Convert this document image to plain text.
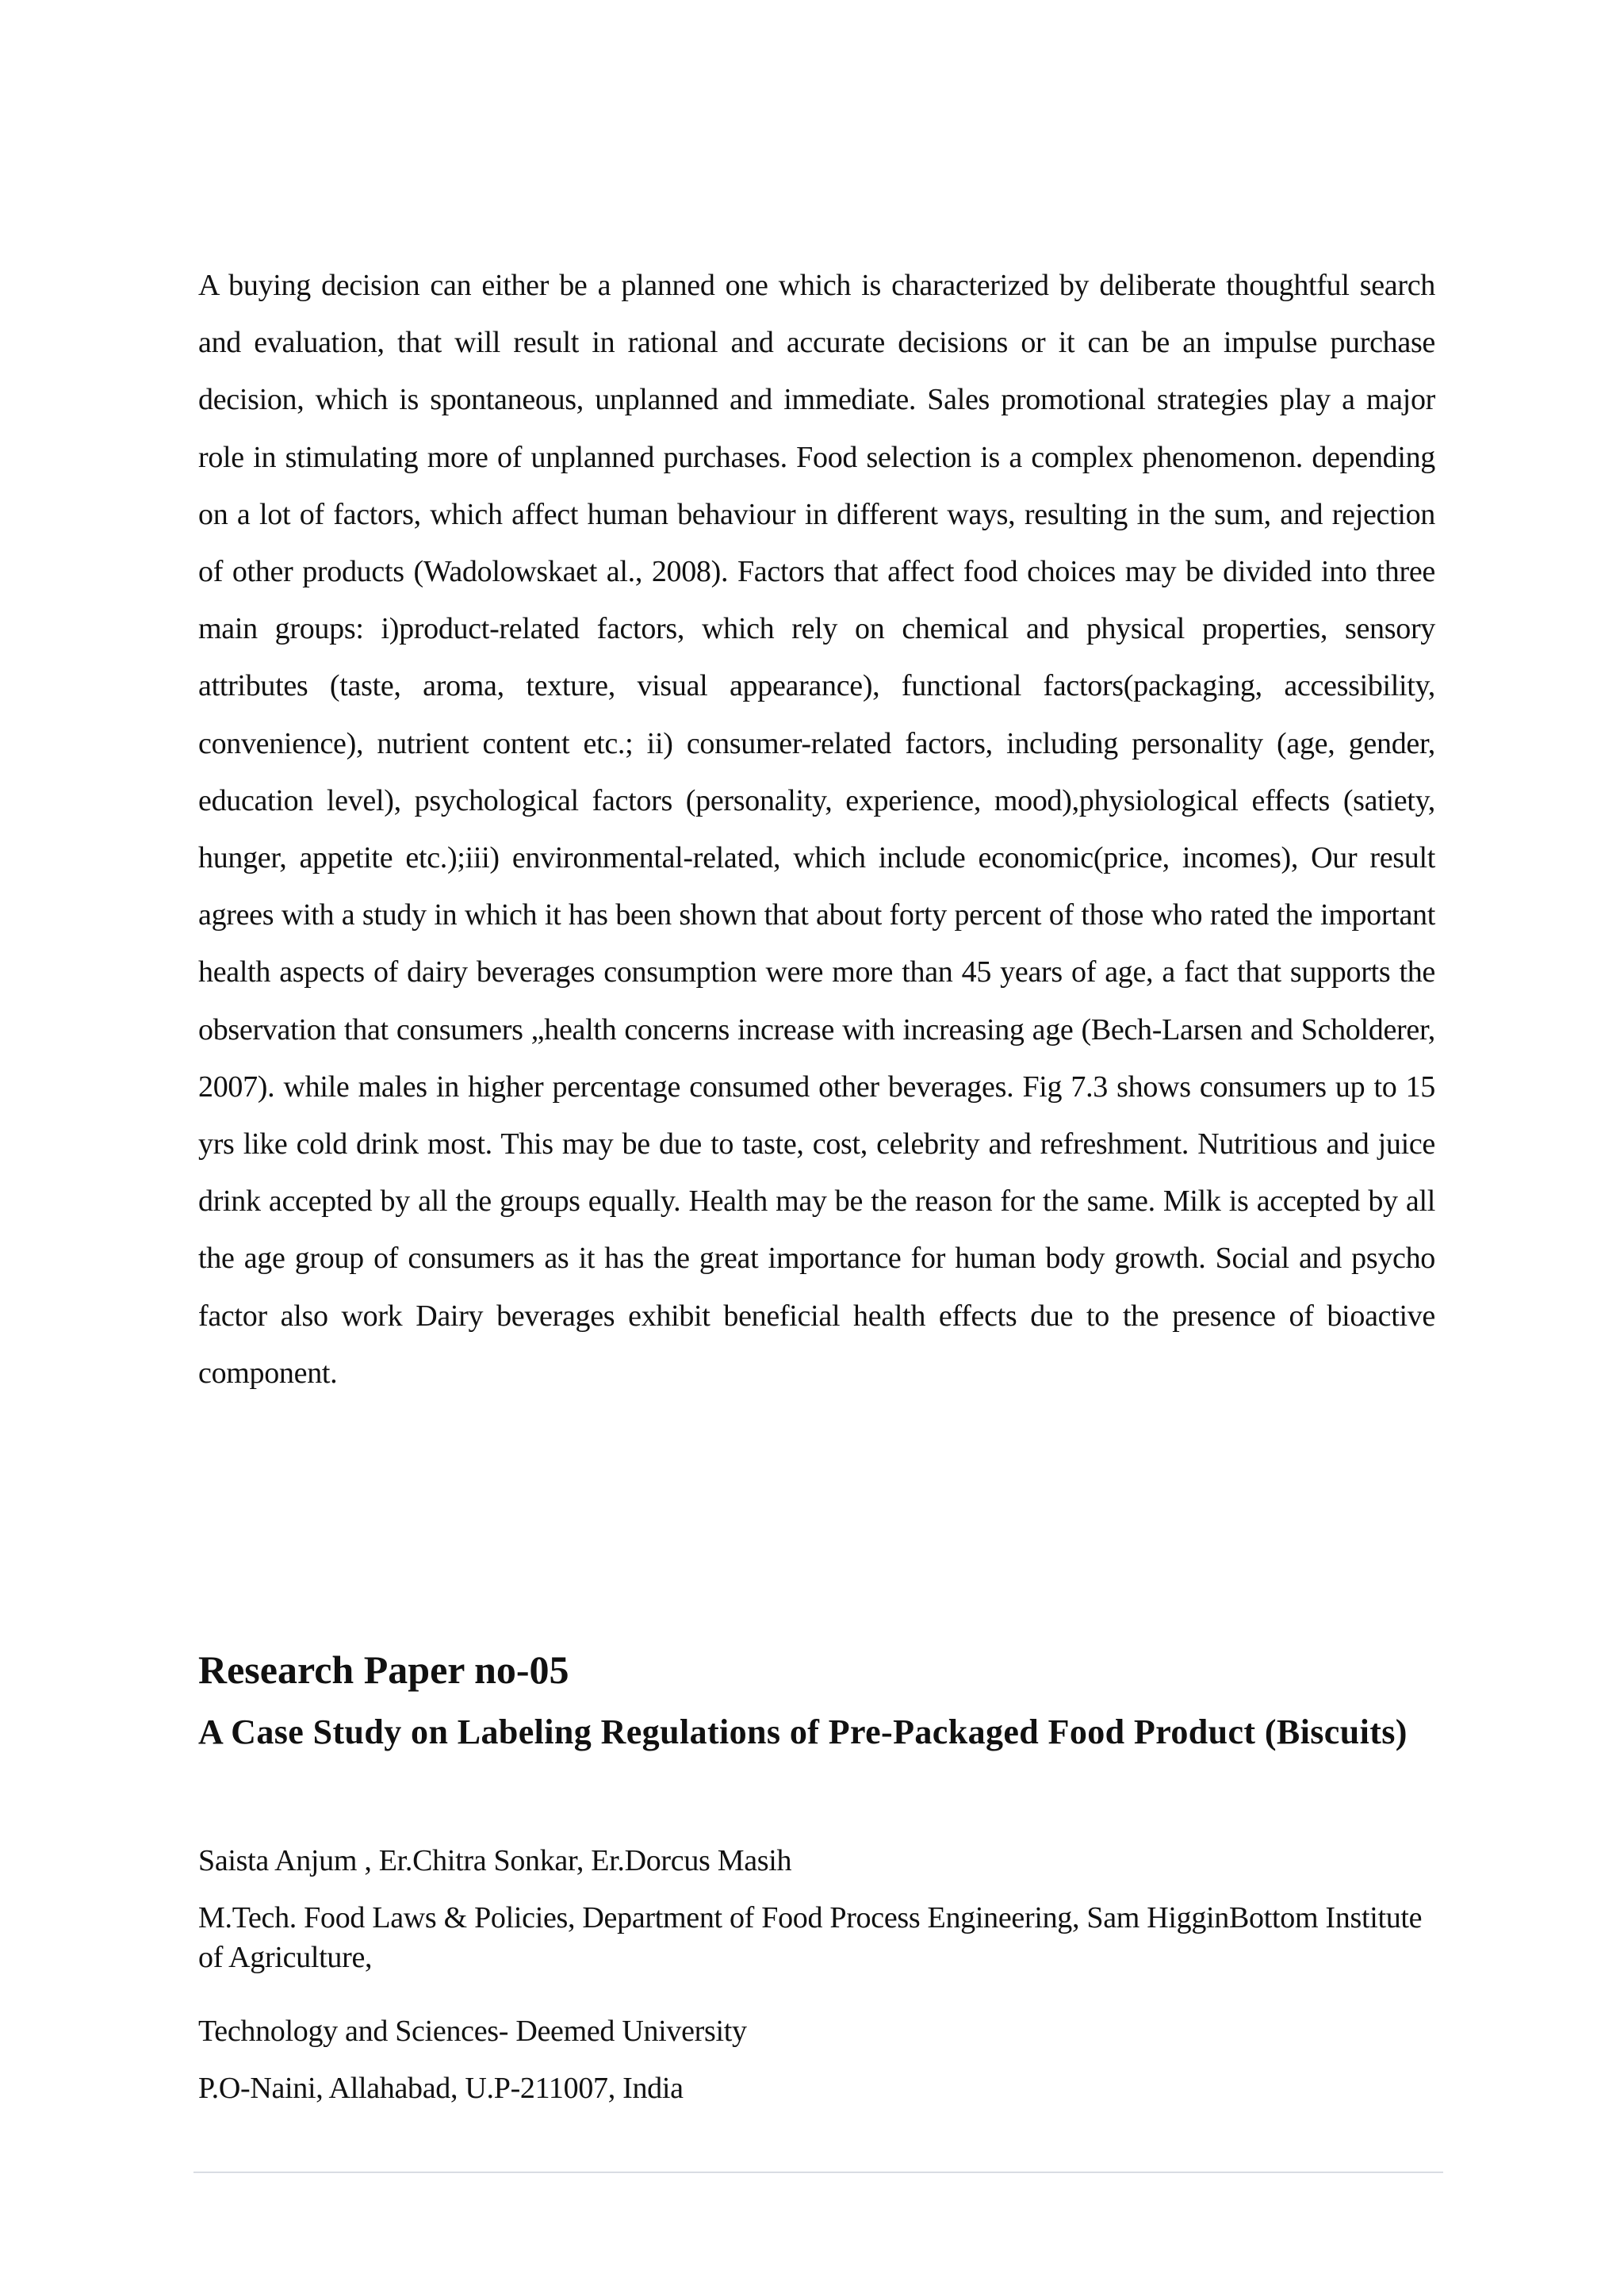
A buying decision can either be a planned one which is characterized by deliberate thoughtful search and evaluation, that will result in rational and accurate decisions or it can be an impulse purchase decision, which is spontaneous, unplanned and immediate. Sales promotional strategies play a major role in stimulating more of unplanned purchases. Food selection is a complex phenomenon. depending on a lot of factors, which affect human behaviour in different ways, resulting in the sum, and rejection of other products (Wadolowskaet al., 2008). Factors that affect food choices may be divided into three main groups: i)product-related factors, which rely on chemical and physical properties, sensory attributes (taste, aroma, texture, visual appearance), functional factors(packaging, accessibility, convenience), nutrient content etc.; ii) consumer-related factors, including personality (age, gender, education level), psychological factors (personality, experience, mood),physiological effects (satiety, hunger, appetite etc.);iii) environmental-related, which include economic(price, incomes), Our result agrees with a study in which it has been shown that about forty percent of those who rated the important health aspects of dairy beverages consumption were more than 45 years of age, a fact that supports the observation that consumers „health concerns increase with increasing age (Bech-Larsen and Scholderer, 2007). while males in higher percentage consumed other beverages. Fig 7.3 shows consumers up to 15 yrs like cold drink most. This may be due to taste, cost, celebrity and refreshment. Nutritious and juice drink accepted by all the groups equally. Health may be the reason for the same. Milk is accepted by all the age group of consumers as it has the great importance for human body growth. Social and psycho factor also work Dairy beverages exhibit beneficial health effects due to the presence of bioactive component.

Research Paper no-05
A Case Study on Labeling Regulations of Pre-Packaged Food Product (Biscuits)

Saista Anjum , Er.Chitra Sonkar, Er.Dorcus Masih

M.Tech. Food Laws & Policies, Department of Food Process Engineering, Sam HigginBottom Institute of Agriculture,

Technology and Sciences- Deemed University

P.O-Naini, Allahabad, U.P-211007, India
